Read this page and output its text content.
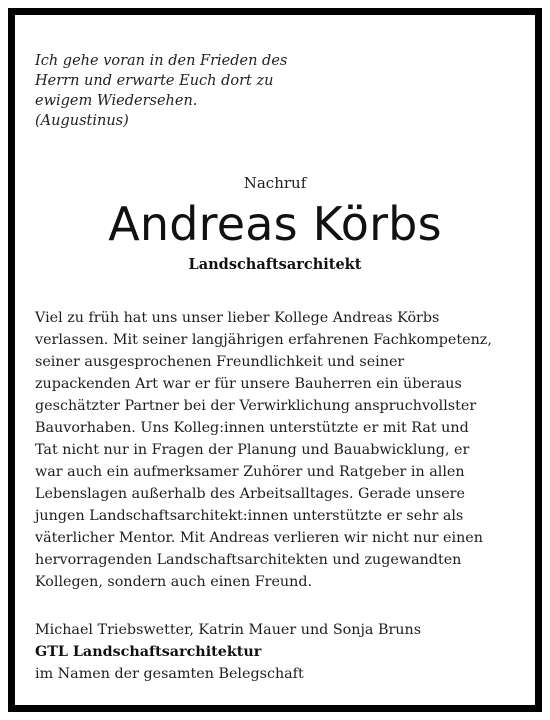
Ich gehe voran in den Frieden des
Herrn und erwarte Euch dort zu
ewigem Wiedersehen.
(Augustinus)
Nachruf
Andreas Körbs
Landschaftsarchitekt
Viel zu früh hat uns unser lieber Kollege Andreas Körbs
verlassen. Mit seiner langjährigen erfahrenen Fachkompetenz,
seiner ausgesprochenen Freundlichkeit und seiner
zupackenden Art war er für unsere Bauherren ein überaus
geschätzter Partner bei der Verwirklichung anspruchvollster
Bauvorhaben. Uns Kolleg:innen unterstützte er mit Rat und
Tat nicht nur in Fragen der Planung und Bauabwicklung, er
war auch ein aufmerksamer Zuhörer und Ratgeber in allen
Lebenslagen außerhalb des Arbeitsalltages. Gerade unsere
jungen Landschaftsarchitekt:innen unterstützte er sehr als
väterlicher Mentor. Mit Andreas verlieren wir nicht nur einen
hervorragenden Landschaftsarchitekten und zugewandten
Kollegen, sondern auch einen Freund.
Michael Triebswetter, Katrin Mauer und Sonja Bruns
GTL Landschaftsarchitektur
im Namen der gesamten Belegschaft
